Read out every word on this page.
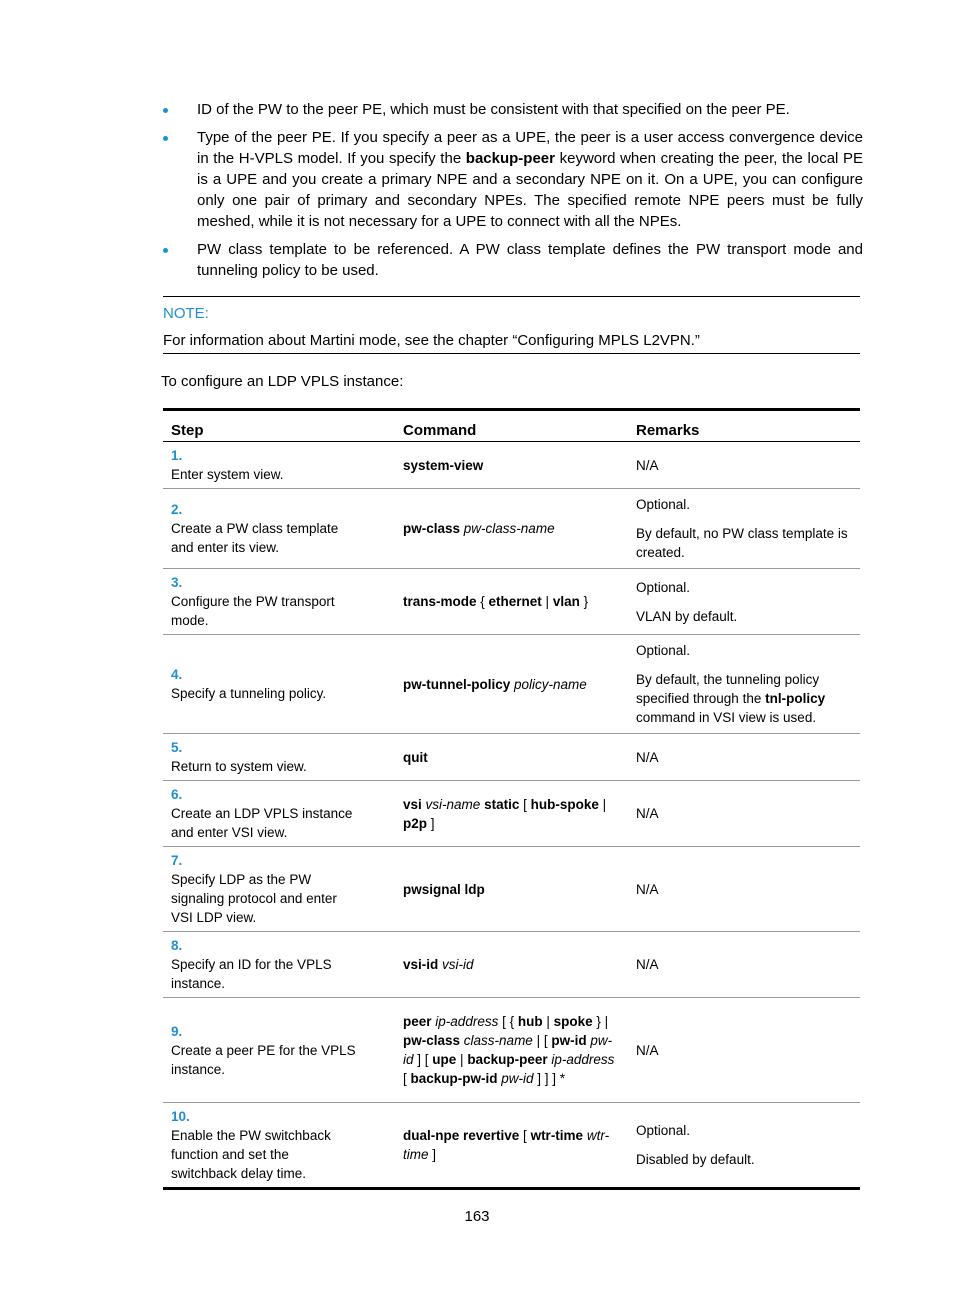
ID of the PW to the peer PE, which must be consistent with that specified on the peer PE.
Type of the peer PE. If you specify a peer as a UPE, the peer is a user access convergence device in the H-VPLS model. If you specify the backup-peer keyword when creating the peer, the local PE is a UPE and you create a primary NPE and a secondary NPE on it. On a UPE, you can configure only one pair of primary and secondary NPEs. The specified remote NPE peers must be fully meshed, while it is not necessary for a UPE to connect with all the NPEs.
PW class template to be referenced. A PW class template defines the PW transport mode and tunneling policy to be used.
NOTE:
For information about Martini mode, see the chapter “Configuring MPLS L2VPN.”
To configure an LDP VPLS instance:
Step	Command	Remarks
1.Enter system view.	system-view	N/A

2.Create a PW class template and enter its view.	pw-class pw-class-name	Optional.

By default, no PW class template is created.

3.Configure the PW transport mode.	trans-mode { ethernet | vlan }	Optional.

VLAN by default.

4.Specify a tunneling policy.	pw-tunnel-policy policy-name	Optional.

By default, the tunneling policy specified through the tnl-policy command in VSI view is used.

5.Return to system view.	quit	N/A

6.Create an LDP VPLS instance and enter VSI view.	vsi vsi-name static [ hub-spoke | p2p ]	N/A

7.Specify LDP as the PW signaling protocol and enter VSI LDP view.	pwsignal ldp	N/A

8.Specify an ID for the VPLS instance.	vsi-id vsi-id	N/A

9.Create a peer PE for the VPLS instance.	peer ip-address [ { hub | spoke } | pw-class class-name | [ pw-id pw-id ] [ upe | backup-peer ip-address [ backup-pw-id pw-id ] ] ] *	N/A

10.Enable the PW switchback function and set the switchback delay time.	dual-npe revertive [ wtr-time wtr-time ]	Optional.

Disabled by default.

163
